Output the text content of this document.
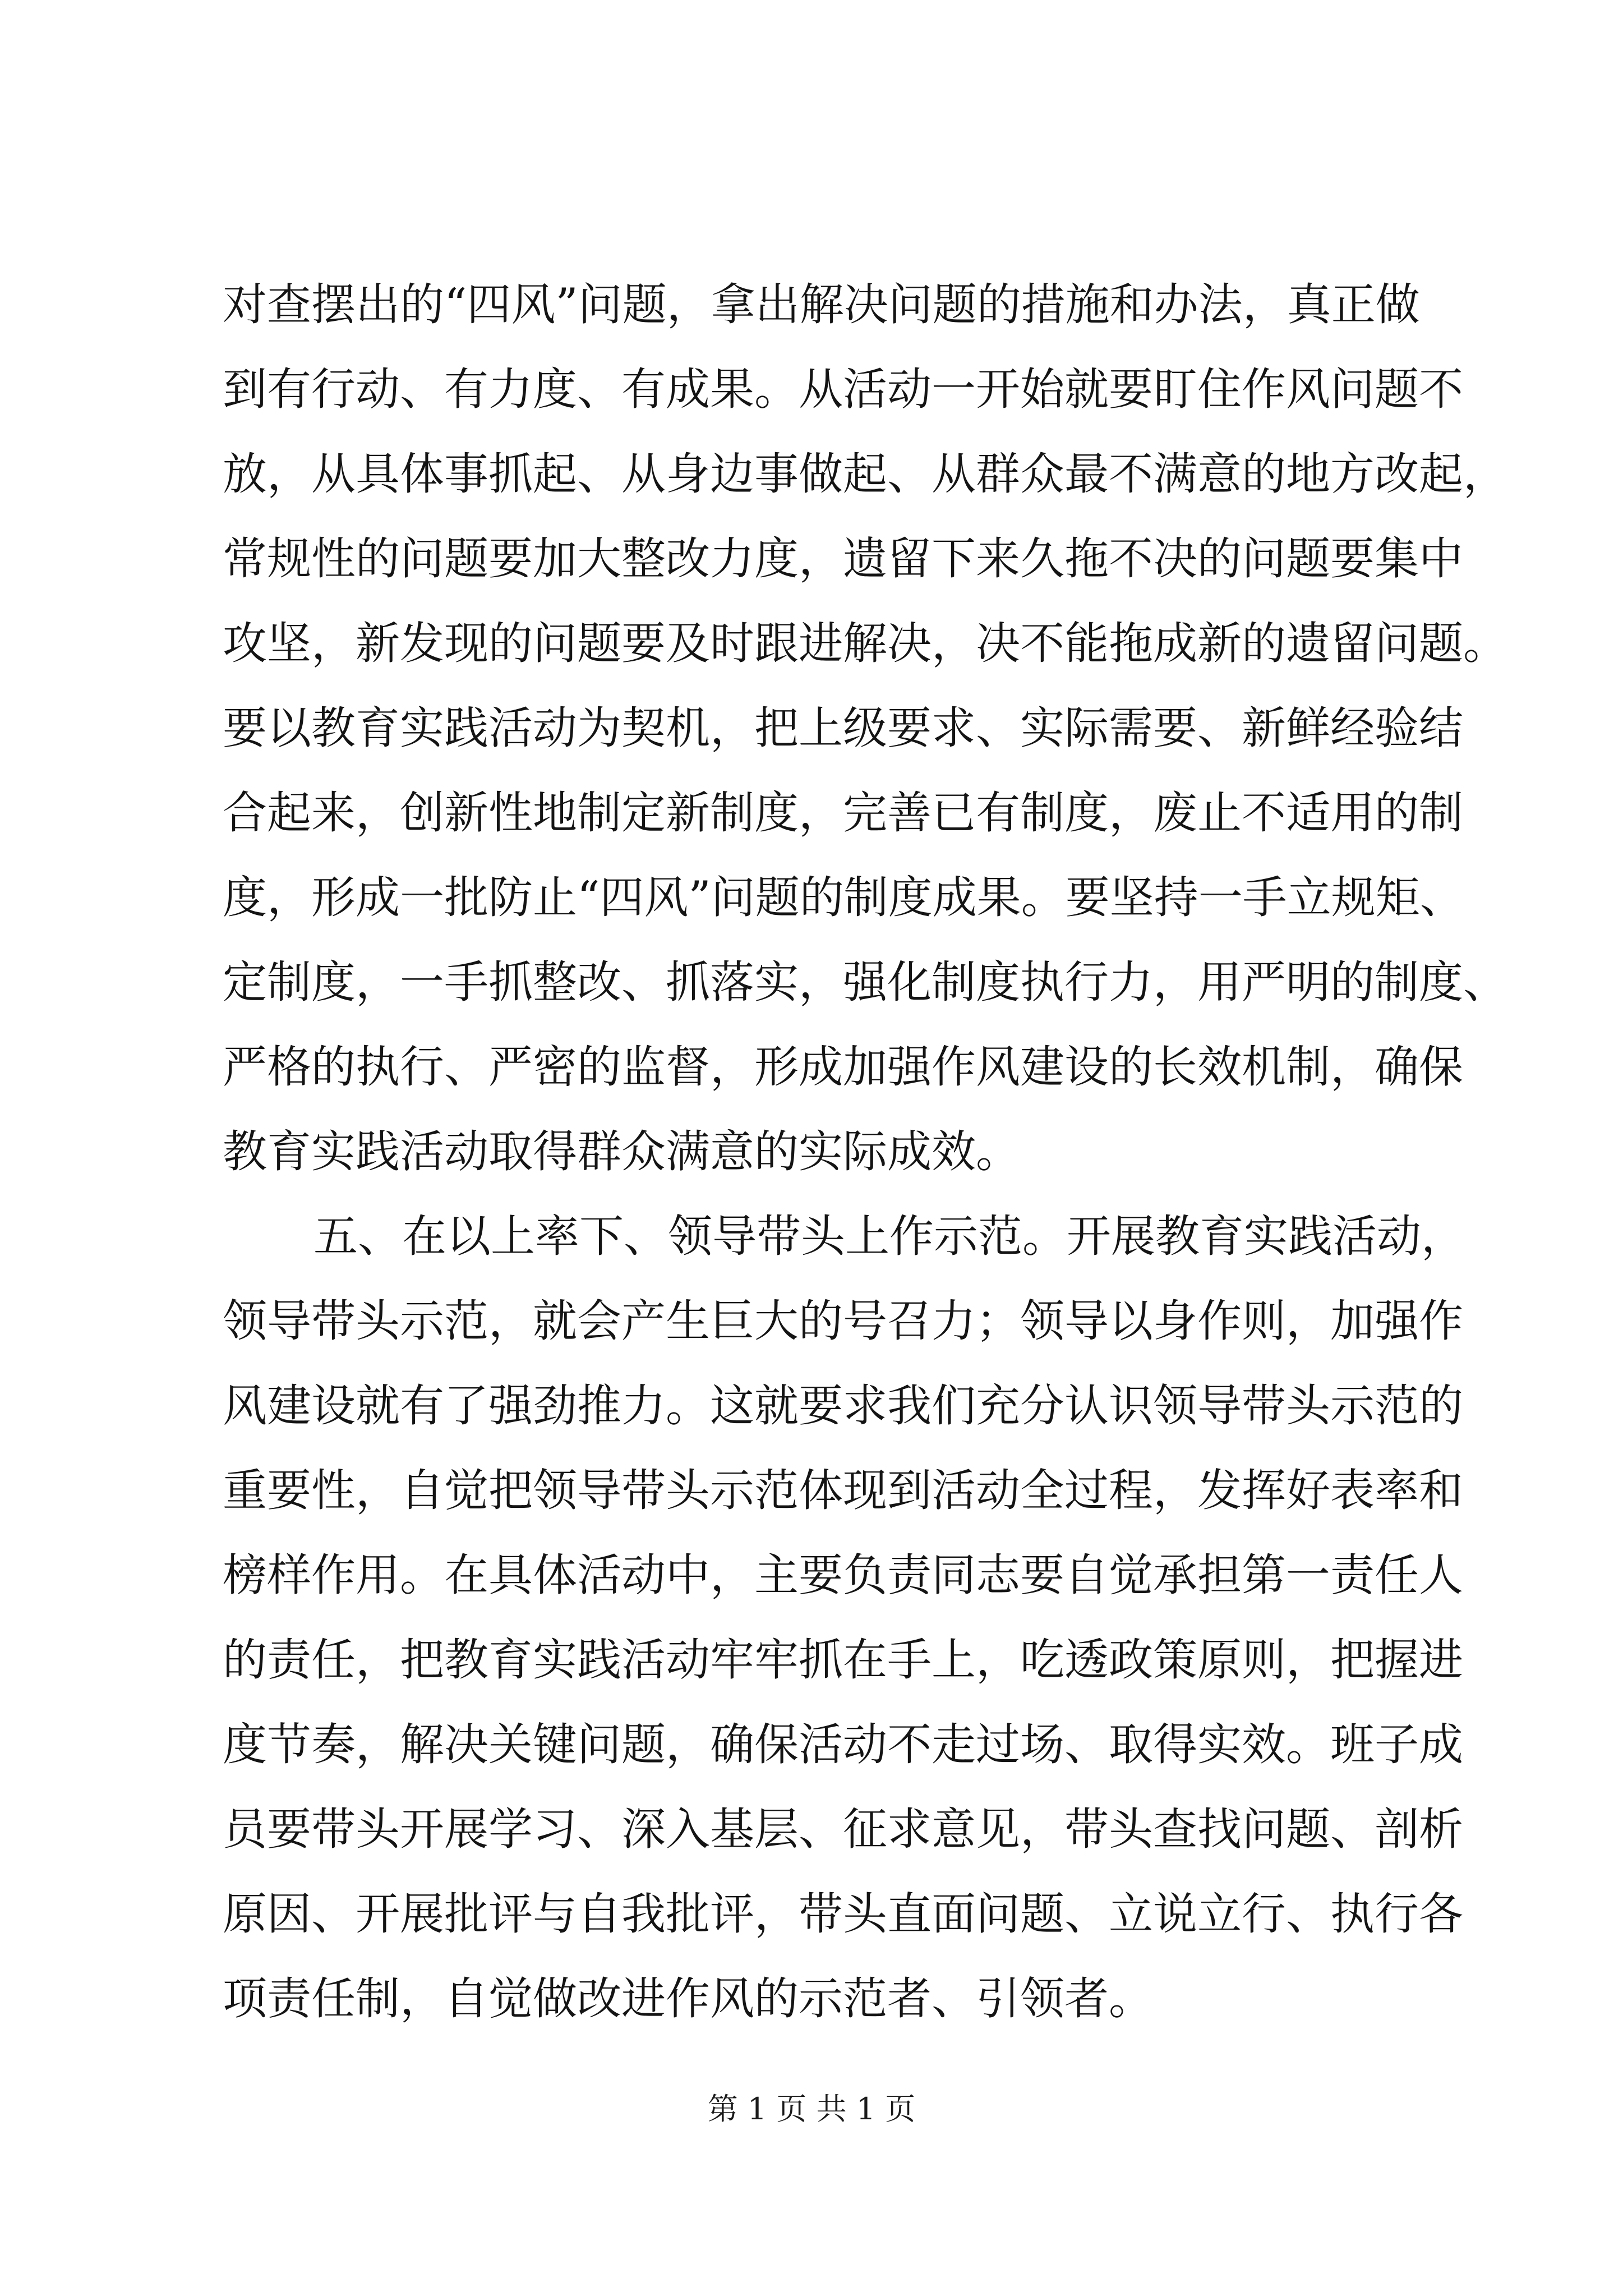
对查摆出的“四风”问题，拿出解决问题的措施和办法，真正做
到有行动、有力度、有成果。从活动一开始就要盯住作风问题不
放，从具体事抓起、从身边事做起、从群众最不满意的地方改起，
常规性的问题要加大整改力度，遗留下来久拖不决的问题要集中
攻坚，新发现的问题要及时跟进解决，决不能拖成新的遗留问题。
要以教育实践活动为契机，把上级要求、实际需要、新鲜经验结
合起来，创新性地制定新制度，完善已有制度，废止不适用的制
度，形成一批防止“四风”问题的制度成果。要坚持一手立规矩、
定制度，一手抓整改、抓落实，强化制度执行力，用严明的制度、
严格的执行、严密的监督，形成加强作风建设的长效机制，确保
教育实践活动取得群众满意的实际成效。
五、在以上率下、领导带头上作示范。开展教育实践活动，
领导带头示范，就会产生巨大的号召力；领导以身作则，加强作
风建设就有了强劲推力。这就要求我们充分认识领导带头示范的
重要性，自觉把领导带头示范体现到活动全过程，发挥好表率和
榜样作用。在具体活动中，主要负责同志要自觉承担第一责任人
的责任，把教育实践活动牢牢抓在手上，吃透政策原则，把握进
度节奏，解决关键问题，确保活动不走过场、取得实效。班子成
员要带头开展学习、深入基层、征求意见，带头查找问题、剖析
原因、开展批评与自我批评，带头直面问题、立说立行、执行各
项责任制，自觉做改进作风的示范者、引领者。
第 1 页 共 1 页
